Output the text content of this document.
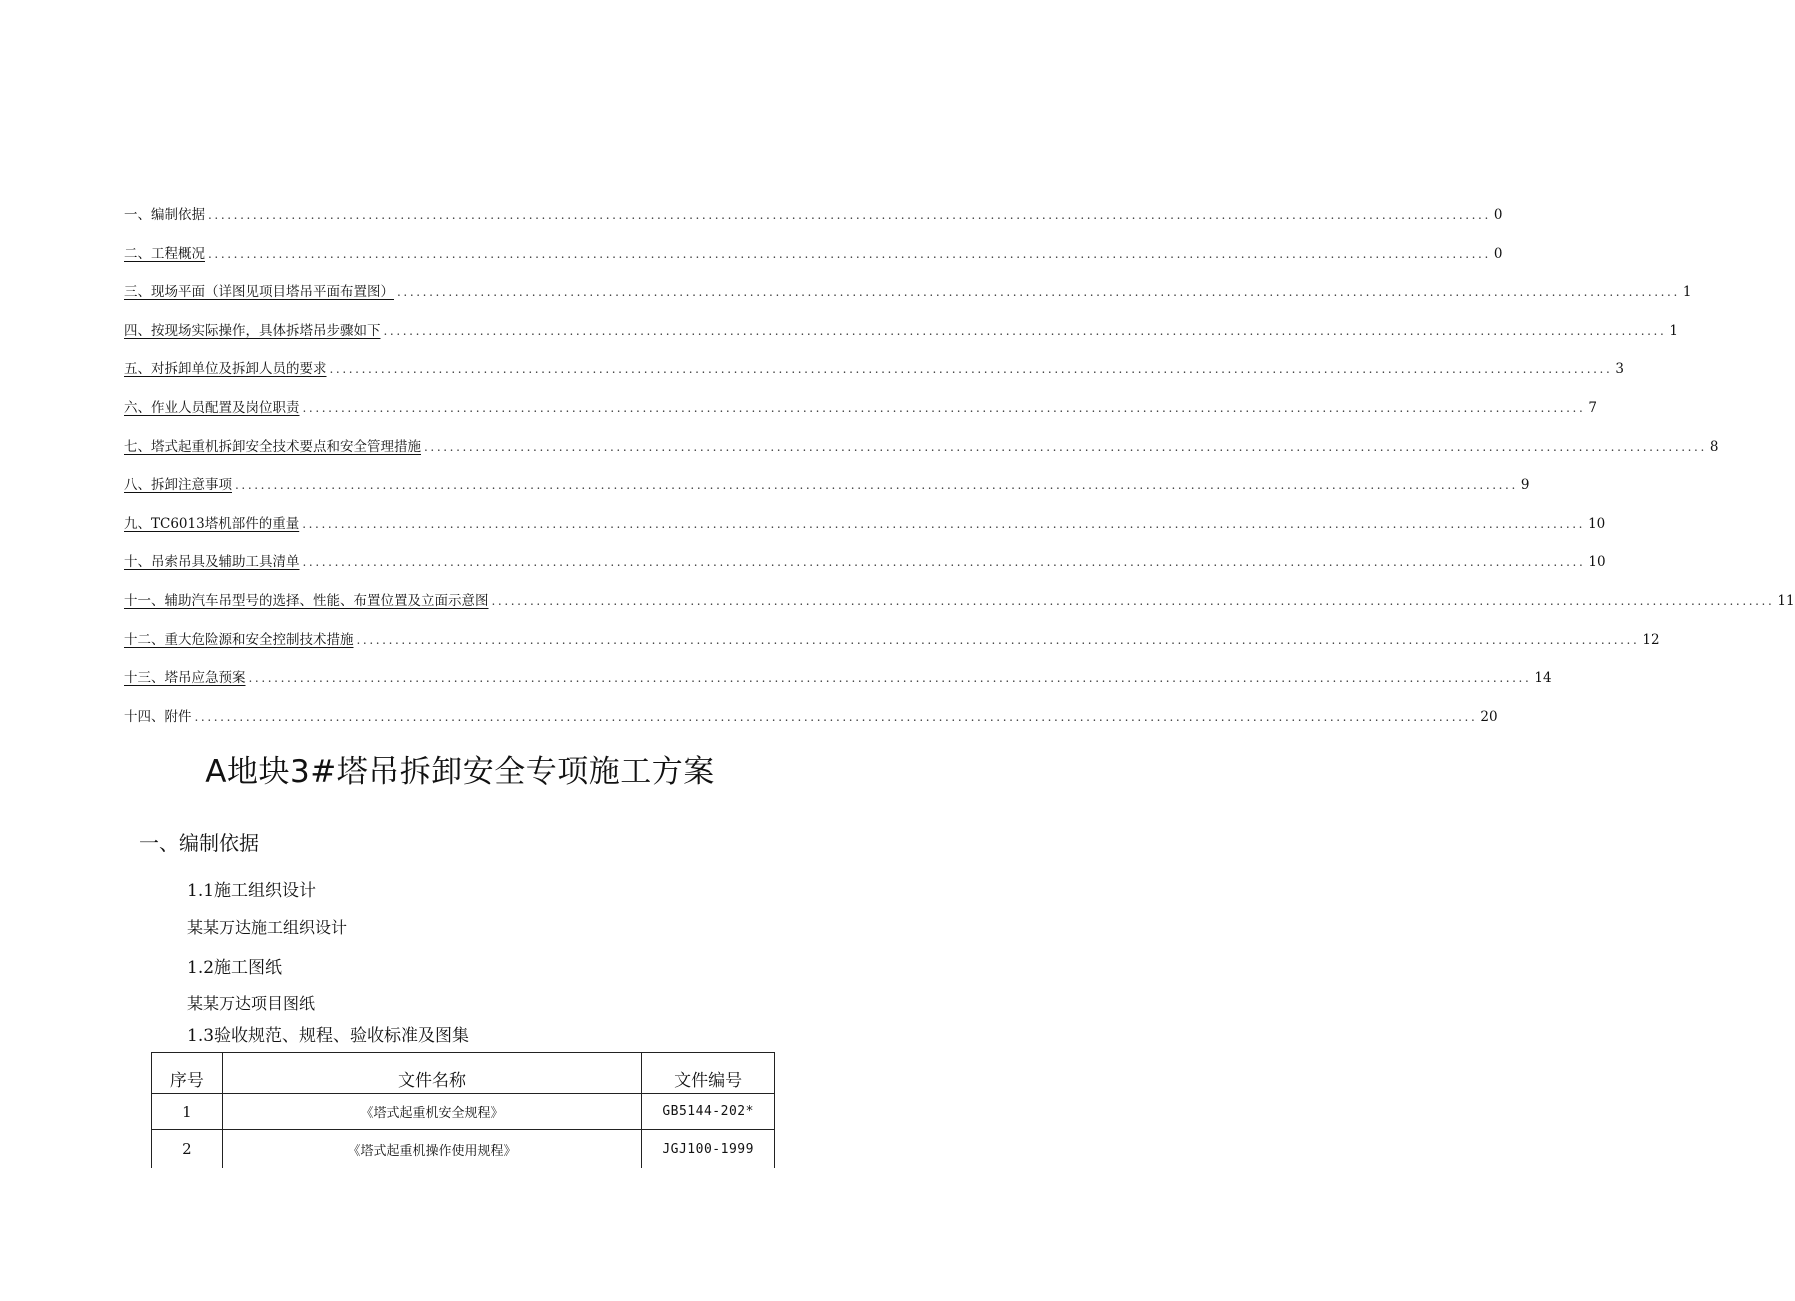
一、编制依据 ........................................................................................................................................................................................................ 0
二、工程概况 ........................................................................................................................................................................................................ 0
三、现场平面（详图见项目塔吊平面布置图） ........................................................................................................................................................................................................ 1
四、按现场实际操作，具体拆塔吊步骤如下 ........................................................................................................................................................................................................ 1
五、对拆卸单位及拆卸人员的要求 ........................................................................................................................................................................................................ 3
六、作业人员配置及岗位职责 ........................................................................................................................................................................................................ 7
七、塔式起重机拆卸安全技术要点和安全管理措施 ........................................................................................................................................................................................................ 8
八、拆卸注意事项 ........................................................................................................................................................................................................ 9
九、TC6013塔机部件的重量 ........................................................................................................................................................................................................ 10
十、吊索吊具及辅助工具清单 ........................................................................................................................................................................................................ 10
十一、辅助汽车吊型号的选择、性能、布置位置及立面示意图 ........................................................................................................................................................................................................ 11
十二、重大危险源和安全控制技术措施 ........................................................................................................................................................................................................ 12
十三、塔吊应急预案 ........................................................................................................................................................................................................ 14
十四、附件 ........................................................................................................................................................................................................ 20
A地块3#塔吊拆卸安全专项施工方案
一、编制依据
1.1施工组织设计
某某万达施工组织设计
1.2施工图纸
某某万达项目图纸
1.3验收规范、规程、验收标准及图集
序号	文件名称	文件编号
1	《塔式起重机安全规程》	GB5144-202*
2	《塔式起重机操作使用规程》	JGJ100-1999
